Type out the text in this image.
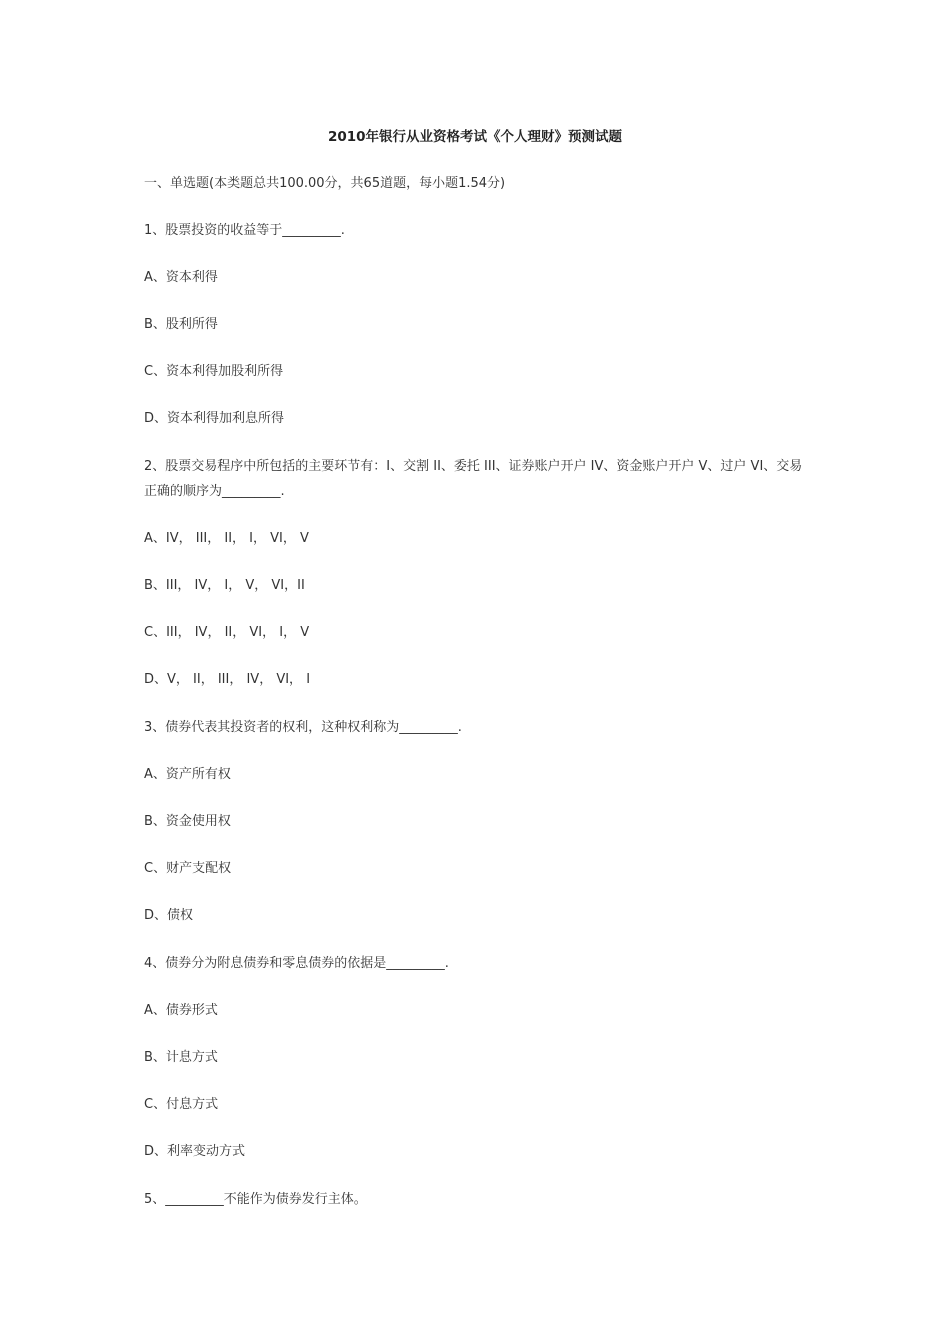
2010年银行从业资格考试《个人理财》预测试题

一、单选题(本类题总共100.00分，共65道题，每小题1.54分)

1、股票投资的收益等于_________.

A、资本利得

B、股利所得

C、资本利得加股利所得

D、资本利得加利息所得

2、股票交易程序中所包括的主要环节有：I、交割 II、委托 III、证券账户开户 IV、资金账户开户 V、过户 VI、交易正确的顺序为_________.

A、IV， III， II， I， VI， V

B、III， IV， I， V， VI，II

C、III， IV， II， VI， I， V

D、V， II， III， IV， VI， I

3、债券代表其投资者的权利，这种权利称为_________.

A、资产所有权

B、资金使用权

C、财产支配权

D、债权

4、债券分为附息债券和零息债券的依据是_________.

A、债券形式

B、计息方式

C、付息方式

D、利率变动方式

5、_________不能作为债券发行主体。
